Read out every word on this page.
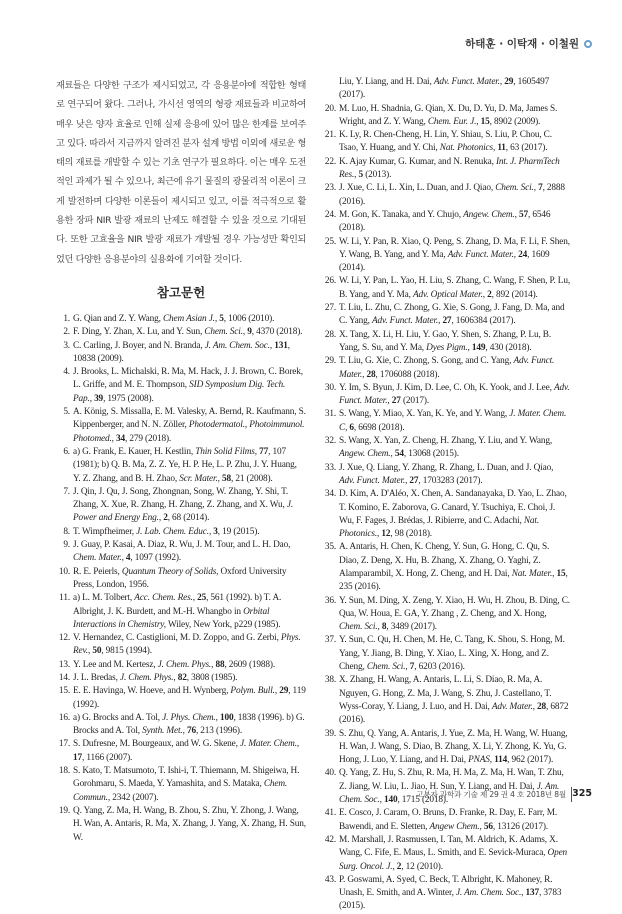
하태훈 · 이탁재 · 이철원

재료들은 다양한 구조가 제시되었고, 각 응용분야에 적합한 형태로 연구되어 왔다. 그러나, 가시선 영역의 형광 재료들과 비교하여 매우 낮은 양자 효율로 인해 실제 응용에 있어 많은 한계를 보여주고 있다. 따라서 지금까지 알려진 분자 설계 방법 이외에 새로운 형태의 재료를 개발할 수 있는 기초 연구가 필요하다. 이는 매우 도전적인 과제가 될 수 있으나, 최근에 유기 물질의 광물리적 이론이 크게 발전하며 다양한 이론들이 제시되고 있고, 이를 적극적으로 활용한 장파 NIR 발광 재료의 난제도 해결할 수 있을 것으로 기대된다. 또한 고효율을 NIR 발광 재료가 개발될 경우 가능성만 확인되었던 다양한 응용분야의 실용화에 기여할 것이다.

참고문헌
1. G. Qian and Z. Y. Wang, Chem Asian J., 5, 1006 (2010).
2. F. Ding, Y. Zhan, X. Lu, and Y. Sun, Chem. Sci., 9, 4370 (2018).
3. C. Carling, J. Boyer, and N. Branda, J. Am. Chem. Soc., 131, 10838 (2009).
4. J. Brooks, L. Michalski, R. Ma, M. Hack, J. J. Brown, C. Borek, L. Griffe, and M. E. Thompson, SID Symposium Dig. Tech. Pap., 39, 1975 (2008).
5. A. König, S. Missalla, E. M. Valesky, A. Bernd, R. Kaufmann, S. Kippenberger, and N. N. Zöller, Photodermatol., Photoimmunol. Photomed., 34, 279 (2018).
6. a) G. Frank, E. Kauer, H. Kestlin, Thin Solid Films, 77, 107 (1981); b) Q. B. Ma, Z. Z. Ye, H. P. He, L. P. Zhu, J. Y. Huang, Y. Z. Zhang, and B. H. Zhao, Scr. Mater., 58, 21 (2008).
7. J. Qin, J. Qu, J. Song, Zhongnan, Song, W. Zhang, Y. Shi, T. Zhang, X. Xue, R. Zhang, H. Zhang, Z. Zhang, and X. Wu, J. Power and Energy Eng., 2, 68 (2014).
8. T. Wimpfheimer, J. Lab. Chem. Educ., 3, 19 (2015).
9. J. Guay, P. Kasai, A. Diaz, R. Wu, J. M. Tour, and L. H. Dao, Chem. Mater., 4, 1097 (1992).
10. R. E. Peierls, Quantum Theory of Solids, Oxford University Press, London, 1956.
11. a) L. M. Tolbert, Acc. Chem. Res., 25, 561 (1992). b) T. A. Albright, J. K. Burdett, and M.-H. Whangbo in Orbital Interactions in Chemistry, Wiley, New York, p229 (1985).
12. V. Hernandez, C. Castiglioni, M. D. Zoppo, and G. Zerbi, Phys. Rev., 50, 9815 (1994).
13. Y. Lee and M. Kertesz, J. Chem. Phys., 88, 2609 (1988).
14. J. L. Bredas, J. Chem. Phys., 82, 3808 (1985).
15. E. E. Havinga, W. Hoeve, and H. Wynberg, Polym. Bull., 29, 119 (1992).
16. a) G. Brocks and A. Tol, J. Phys. Chem., 100, 1838 (1996). b) G. Brocks and A. Tol, Synth. Met., 76, 213 (1996).
17. S. Dufresne, M. Bourgeaux, and W. G. Skene, J. Mater. Chem., 17, 1166 (2007).
18. S. Kato, T. Matsumoto, T. Ishi-i, T. Thiemann, M. Shigeiwa, H. Gorohmaru, S. Maeda, Y. Yamashita, and S. Mataka, Chem. Commun., 2342 (2007).
19. Q. Yang, Z. Ma, H. Wang, B. Zhou, S. Zhu, Y. Zhong, J. Wang, H. Wan, A. Antaris, R. Ma, X. Zhang, J. Yang, X. Zhang, H. Sun, W.
Liu, Y. Liang, and H. Dai, Adv. Funct. Mater., 29, 1605497 (2017).
20. M. Luo, H. Shadnia, G. Qian, X. Du, D. Yu, D. Ma, James S. Wright, and Z. Y. Wang, Chem. Eur. J., 15, 8902 (2009).
21. K. Ly, R. Chen-Cheng, H. Lin, Y. Shiau, S. Liu, P. Chou, C. Tsao, Y. Huang, and Y. Chi, Nat. Photonics, 11, 63 (2017).
22. K. Ajay Kumar, G. Kumar, and N. Renuka, Int. J. PharmTech Res., 5 (2013).
23. J. Xue, C. Li, L. Xin, L. Duan, and J. Qiao, Chem. Sci., 7, 2888 (2016).
24. M. Gon, K. Tanaka, and Y. Chujo, Angew. Chem., 57, 6546 (2018).
25. W. Li, Y. Pan, R. Xiao, Q. Peng, S. Zhang, D. Ma, F. Li, F. Shen, Y. Wang, B. Yang, and Y. Ma, Adv. Funct. Mater., 24, 1609 (2014).
26. W. Li, Y. Pan, L. Yao, H. Liu, S. Zhang, C. Wang, F. Shen, P. Lu, B. Yang, and Y. Ma, Adv. Optical Mater., 2, 892 (2014).
27. T. Liu, L. Zhu, C. Zhong, G. Xie, S. Gong, J. Fang, D. Ma, and C. Yang, Adv. Funct. Mater., 27, 1606384 (2017).
28. X. Tang, X. Li, H. Liu, Y. Gao, Y. Shen, S. Zhang, P. Lu, B. Yang, S. Su, and Y. Ma, Dyes Pigm., 149, 430 (2018).
29. T. Liu, G. Xie, C. Zhong, S. Gong, and C. Yang, Adv. Funct. Mater., 28, 1706088 (2018).
30. Y. Im, S. Byun, J. Kim, D. Lee, C. Oh, K. Yook, and J. Lee, Adv. Funct. Mater., 27 (2017).
31. S. Wang, Y. Miao, X. Yan, K. Ye, and Y. Wang, J. Mater. Chem. C, 6, 6698 (2018).
32. S. Wang, X. Yan, Z. Cheng, H. Zhang, Y. Liu, and Y. Wang, Angew. Chem., 54, 13068 (2015).
33. J. Xue, Q. Liang, Y. Zhang, R. Zhang, L. Duan, and J. Qiao, Adv. Funct. Mater., 27, 1703283 (2017).
34. D. Kim, A. D'Aléo, X. Chen, A. Sandanayaka, D. Yao, L. Zhao, T. Komino, E. Zaborova, G. Canard, Y. Tsuchiya, E. Choi, J. Wu, F. Fages, J. Brédas, J. Ribierre, and C. Adachi, Nat. Photonics., 12, 98 (2018).
35. A. Antaris, H. Chen, K. Cheng, Y. Sun, G. Hong, C. Qu, S. Diao, Z. Deng, X. Hu, B. Zhang, X. Zhang, O. Yaghi, Z. Alamparambil, X. Hong, Z. Cheng, and H. Dai, Nat. Mater., 15, 235 (2016).
36. Y. Sun, M. Ding, X. Zeng, Y. Xiao, H. Wu, H. Zhou, B. Ding, C. Qua, W. Houa, E. GA, Y. Zhang , Z. Cheng, and X. Hong, Chem. Sci., 8, 3489 (2017).
37. Y. Sun, C. Qu, H. Chen, M. He, C. Tang, K. Shou, S. Hong, M. Yang, Y. Jiang, B. Ding, Y. Xiao, L. Xing, X. Hong, and Z. Cheng, Chem. Sci., 7, 6203 (2016).
38. X. Zhang, H. Wang, A. Antaris, L. Li, S. Diao, R. Ma, A. Nguyen, G. Hong, Z. Ma, J. Wang, S. Zhu, J. Castellano, T. Wyss-Coray, Y. Liang, J. Luo, and H. Dai, Adv. Mater., 28, 6872 (2016).
39. S. Zhu, Q. Yang, A. Antaris, J. Yue, Z. Ma, H. Wang, W. Huang, H. Wan, J. Wang, S. Diao, B. Zhang, X. Li, Y. Zhong, K. Yu, G. Hong, J. Luo, Y. Liang, and H. Dai, PNAS, 114, 962 (2017).
40. Q. Yang, Z. Hu, S. Zhu, R. Ma, H. Ma, Z. Ma, H. Wan, T. Zhu, Z. Jiang, W. Liu, L. Jiao, H. Sun, Y. Liang, and H. Dai, J. Am. Chem. Soc., 140, 1715 (2018).
41. E. Cosco, J. Caram, O. Bruns, D. Franke, R. Day, E. Farr, M. Bawendi, and E. Sletten, Angew Chem., 56, 13126 (2017).
42. M. Marshall, J. Rasmussen, I. Tan, M. Aldrich, K. Adams, X. Wang, C. Fife, E. Maus, L. Smith, and E. Sevick-Muraca, Open Surg. Oncol. J., 2, 12 (2010).
43. P. Goswami, A. Syed, C. Beck, T. Albright, K. Mahoney, R. Unash, E. Smith, and A. Winter, J. Am. Chem. Soc., 137, 3783 (2015).
고분자 과학과 기술 제 29 권 4 호 2018년 8월 325
